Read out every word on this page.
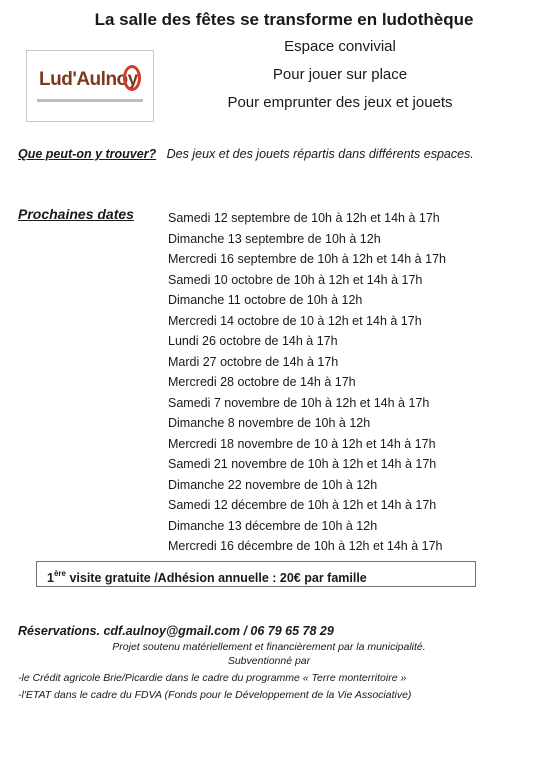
La salle des fêtes se transforme en ludothèque
Espace convivial
Pour jouer sur place
Pour emprunter des jeux et jouets
Lud'Aulnoy
Que peut-on y trouver? Des jeux et des jouets répartis dans différents espaces.
Prochaines dates	Samedi 12 septembre de 10h à 12h et 14h à 17h
Dimanche 13 septembre de 10h à 12h
Mercredi 16 septembre de 10h à 12h et 14h à 17h
Samedi 10 octobre de 10h à 12h et 14h à 17h
Dimanche 11 octobre de 10h à 12h
Mercredi 14 octobre de 10 à 12h et 14h à 17h
Lundi 26 octobre de 14h à 17h
Mardi 27 octobre de 14h à 17h
Mercredi 28 octobre de 14h à 17h
Samedi 7 novembre de 10h à 12h et 14h à 17h
Dimanche 8 novembre de 10h à 12h
Mercredi 18 novembre de 10 à 12h et 14h à 17h
Samedi 21 novembre de 10h à 12h et 14h à 17h
Dimanche 22 novembre de 10h à 12h
Samedi 12 décembre de 10h à 12h et 14h à 17h
Dimanche 13 décembre de 10h à 12h
Mercredi 16 décembre de 10h à 12h et 14h à 17h
1ère visite gratuite /Adhésion annuelle : 20€ par famille
Réservations. cdf.aulnoy@gmail.com / 06 79 65 78 29
Projet soutenu matériellement et financièrement par la municipalité.
Subventionné par
-le Crédit agricole Brie/Picardie dans le cadre du programme « Terre monterritoire »
-l'ETAT dans le cadre du FDVA (Fonds pour le Développement de la Vie Associative)
